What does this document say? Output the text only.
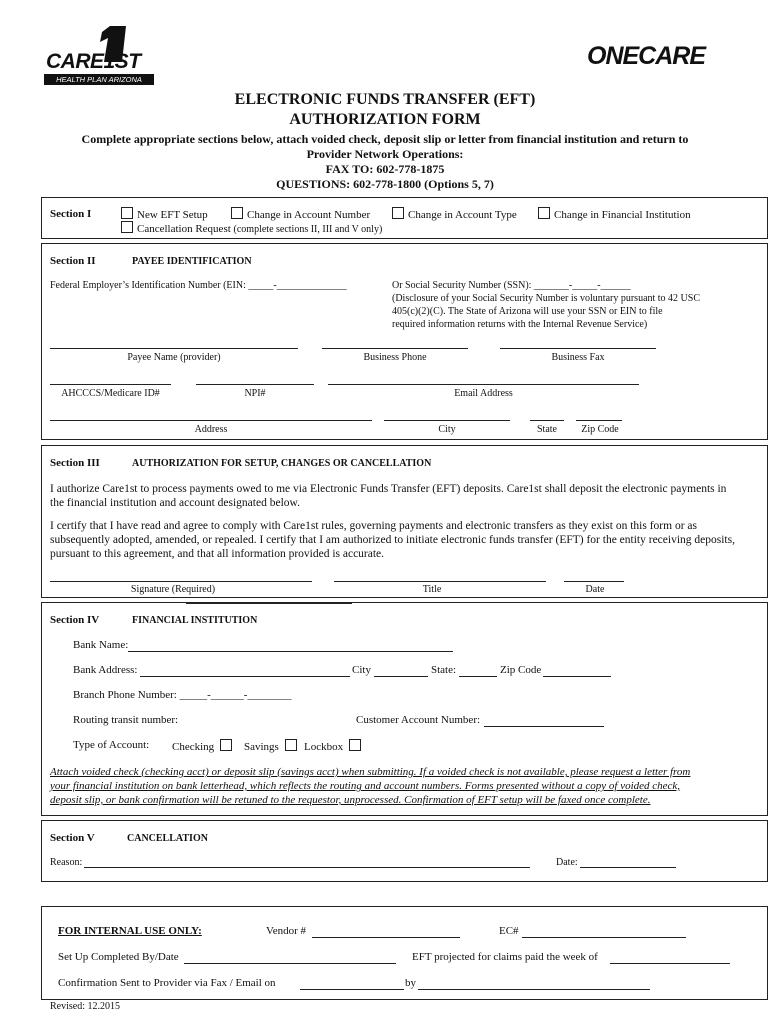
CARE1ST
HEALTH PLAN ARIZONA
ONECARE
ELECTRONIC FUNDS TRANSFER (EFT)
AUTHORIZATION FORM
Complete appropriate sections below, attach voided check, deposit slip or letter from financial institution and return to
Provider Network Operations:
FAX TO: 602-778-1875
QUESTIONS: 602-778-1800 (Options 5, 7)
Section I	New EFT Setup	Change in Account Number	Change in Account Type	Change in Financial Institution
Cancellation Request (complete sections II, III and V only)
Section II	PAYEE IDENTIFICATION
Federal Employer’s Identification Number (EIN: _____-______________	Or Social Security Number (SSN): _______-_____-______
(Disclosure of your Social Security Number is voluntary pursuant to 42 USC
405(c)(2)(C). The State of Arizona will use your SSN or EIN to file
required information returns with the Internal Revenue Service)
Payee Name (provider)	Business Phone	Business Fax
AHCCCS/Medicare ID#	NPI#	Email Address
Address	City	State	Zip Code
Section III	AUTHORIZATION FOR SETUP, CHANGES OR CANCELLATION
I authorize Care1st to process payments owed to me via Electronic Funds Transfer (EFT) deposits. Care1st shall deposit the electronic payments in
the financial institution and account designated below.
I certify that I have read and agree to comply with Care1st rules, governing payments and electronic transfers as they exist on this form or as
subsequently adopted, amended, or repealed. I certify that I am authorized to initiate electronic funds transfer (EFT) for the entity receiving deposits,
pursuant to this agreement, and that all information provided is accurate.
Signature (Required)	Title	Date
Section IV	FINANCIAL INSTITUTION
Bank Name:
Bank Address:	City	State:	Zip Code
Branch Phone Number: _____-______-________
Routing transit number:	Customer Account Number:
Type of Account: Checking	Savings	Lockbox
Attach voided check (checking acct) or deposit slip (savings acct) when submitting. If a voided check is not available, please request a letter from
your financial institution on bank letterhead, which reflects the routing and account numbers. Forms presented without a copy of voided check,
deposit slip, or bank confirmation will be retuned to the requestor, unprocessed. Confirmation of EFT setup will be faxed once complete.
Section V	CANCELLATION
Reason:	Date:
FOR INTERNAL USE ONLY:	Vendor #	EC#
Set Up Completed By/Date	EFT projected for claims paid the week of
Confirmation Sent to Provider via Fax / Email on	by
Revised: 12.2015
